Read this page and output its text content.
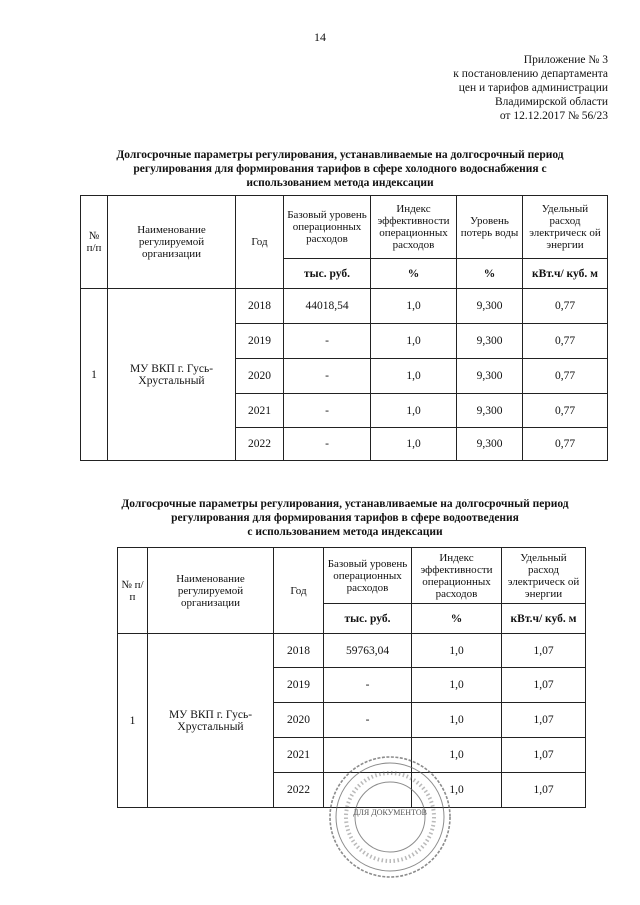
14
Приложение № 3
к постановлению департамента
цен и тарифов администрации
Владимирской области
от 12.12.2017 № 56/23
Долгосрочные параметры регулирования, устанавливаемые на долгосрочный период
регулирования для формирования тарифов в сфере холодного водоснабжения с
использованием метода индексации
№ п/п	Наименование регулируемой организации	Год	Базовый уровень операционных расходов	Индекс эффективности операционных расходов	Уровень потерь воды	Удельный расход электрическ ой энергии
			тыс. руб.	%	%	кВт.ч/ куб. м
1	МУ ВКП г. Гусь-Хрустальный	2018	44018,54	1,0	9,300	0,77
		2019	-	1,0	9,300	0,77
		2020	-	1,0	9,300	0,77
		2021	-	1,0	9,300	0,77
		2022	-	1,0	9,300	0,77
Долгосрочные параметры регулирования, устанавливаемые на долгосрочный период
регулирования для формирования тарифов в сфере водоотведения
с использованием метода индексации
№ п/п	Наименование регулируемой организации	Год	Базовый уровень операционных расходов	Индекс эффективности операционных расходов	Удельный расход электрическ ой энергии
			тыс. руб.	%	кВт.ч/ куб. м
1	МУ ВКП г. Гусь-Хрустальный	2018	59763,04	1,0	1,07
		2019	-	1,0	1,07
		2020	-	1,0	1,07
		2021		1,0	1,07
		2022		1,0	1,07
ДЛЯ ДОКУМЕНТОВ
